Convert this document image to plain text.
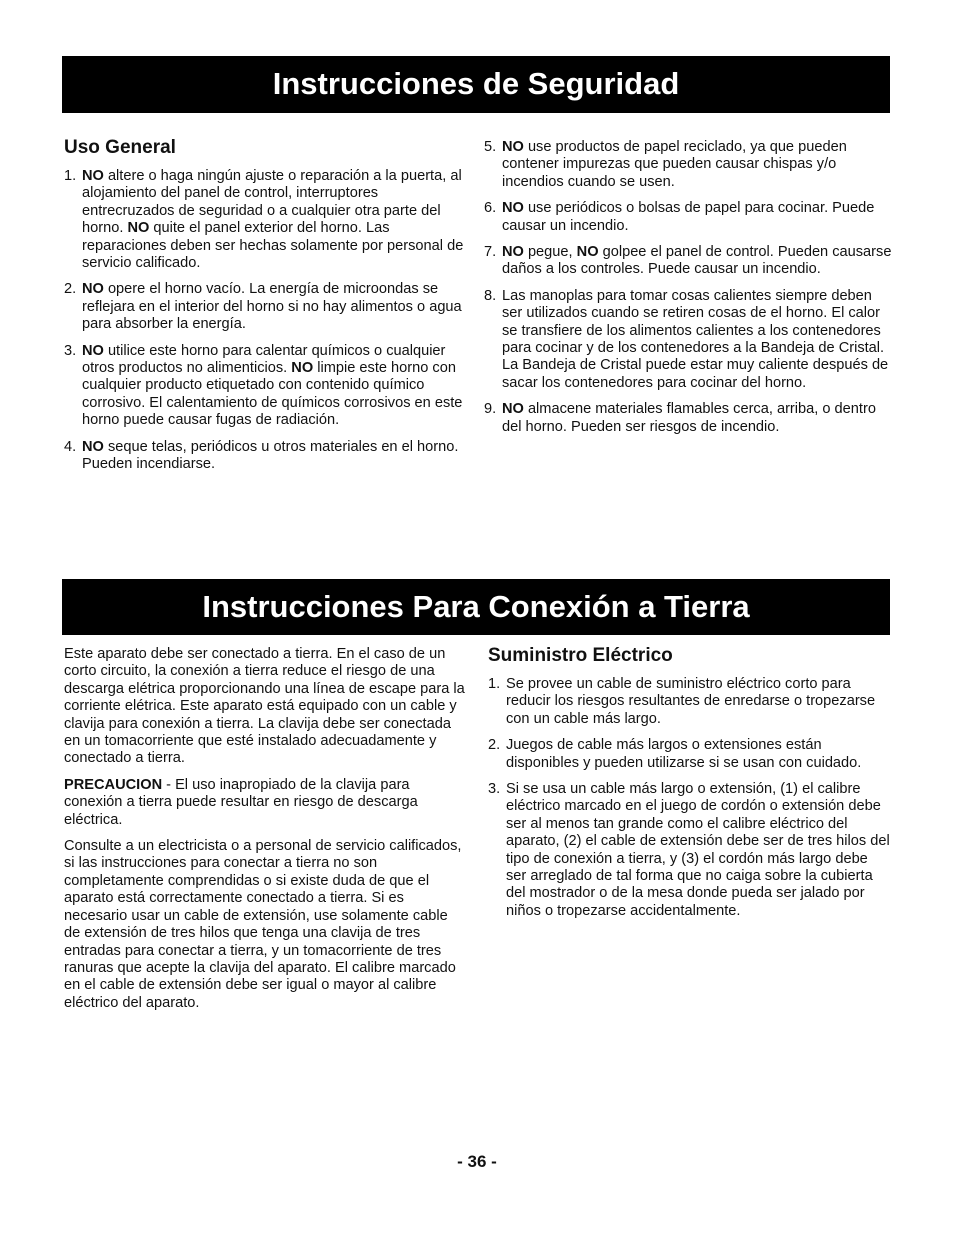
Instrucciones de Seguridad
Uso General
1. NO altere o haga ningún ajuste o reparación a la puerta, al alojamiento del panel de control, interruptores entrecruzados de seguridad o a cualquier otra parte del horno. NO quite el panel exterior del horno. Las reparaciones deben ser hechas solamente por personal de servicio calificado.
2. NO opere el horno vacío. La energía de microondas se reflejara en el interior del horno si no hay alimentos o agua para absorber la energía.
3. NO utilice este horno para calentar químicos o cualquier otros productos no alimenticios. NO limpie este horno con cualquier producto etiquetado con contenido químico corrosivo. El calentamiento de químicos corrosivos en este horno puede causar fugas de radiación.
4. NO seque telas, periódicos u otros materiales en el horno. Pueden incendiarse.
5. NO use productos de papel reciclado, ya que pueden contener impurezas que pueden causar chispas y/o incendios cuando se usen.
6. NO use periódicos o bolsas de papel para cocinar. Puede causar un incendio.
7. NO pegue, NO golpee el panel de control. Pueden causarse daños a los controles. Puede causar un incendio.
8. Las manoplas para tomar cosas calientes siempre deben ser utilizados cuando se retiren cosas de el horno. El calor se transfiere de los alimentos calientes a los contenedores para cocinar y de los contenedores a la Bandeja de Cristal. La Bandeja de Cristal puede estar muy caliente después de sacar los contenedores para cocinar del horno.
9. NO almacene materiales flamables cerca, arriba, o dentro del horno. Pueden ser riesgos de incendio.
Instrucciones Para Conexión a Tierra

Este aparato debe ser conectado a tierra. En el caso de un corto circuito, la conexión a tierra reduce el riesgo de una descarga elétrica proporcionando una línea de escape para la corriente elétrica. Este aparato está equipado con un cable y clavija para conexión a tierra. La clavija debe ser conectada en un tomacorriente que esté instalado adecuadamente y conectado a tierra.

PRECAUCION - El uso inapropiado de la clavija para conexión a tierra puede resultar en riesgo de descarga eléctrica.

Consulte a un electricista o a personal de servicio calificados, si las instrucciones para conectar a tierra no son completamente comprendidas o si existe duda de que el aparato está correctamente conectado a tierra. Si es necesario usar un cable de extensión, use solamente cable de extensión de tres hilos que tenga una clavija de tres entradas para conectar a tierra, y un tomacorriente de tres ranuras que acepte la clavija del aparato. El calibre marcado en el cable de extensión debe ser igual o mayor al calibre eléctrico del aparato.

Suministro Eléctrico
1. Se provee un cable de suministro eléctrico corto para reducir los riesgos resultantes de enredarse o tropezarse con un cable más largo.
2. Juegos de cable más largos o extensiones están disponibles y pueden utilizarse si se usan con cuidado.
3. Si se usa un cable más largo o extensión, (1) el calibre eléctrico marcado en el juego de cordón o extensión debe ser al menos tan grande como el calibre eléctrico del aparato, (2) el cable de extensión debe ser de tres hilos del tipo de conexión a tierra, y (3) el cordón más largo debe ser arreglado de tal forma que no caiga sobre la cubierta del mostrador o de la mesa donde pueda ser jalado por niños o tropezarse accidentalmente.
- 36 -
